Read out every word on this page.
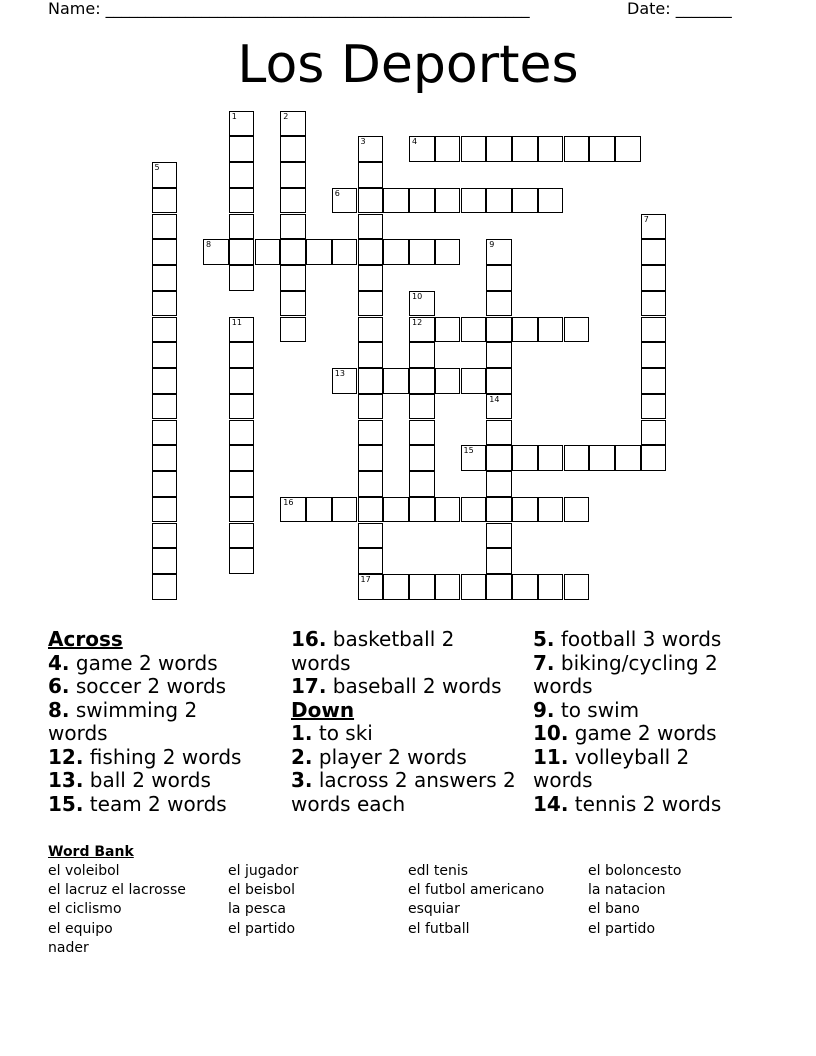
Name: _____________________________________________________	Date: _______
Los Deportes
1	2
3
17
4
5
6
7
8	9
14
10
12
11
13
15
16
Across
4. game 2 words
6. soccer 2 words
8. swimming 2 words
12. fishing 2 words
13. ball 2 words
15. team 2 words
16. basketball 2 words
17. baseball 2 words
Down
1. to ski
2. player 2 words
3. lacross 2 answers 2 words each
5. football 3 words
7. biking/cycling 2 words
9. to swim
10. game 2 words
11. volleyball 2 words
14. tennis 2 words
Word Bank
el voleibol	el jugador	edl tenis	el boloncesto
el lacruz el lacrosse	el beisbol	el futbol americano	la natacion
el ciclismo	la pesca	esquiar	el bano
el equipo	el partido	el futball	el partido
nader
